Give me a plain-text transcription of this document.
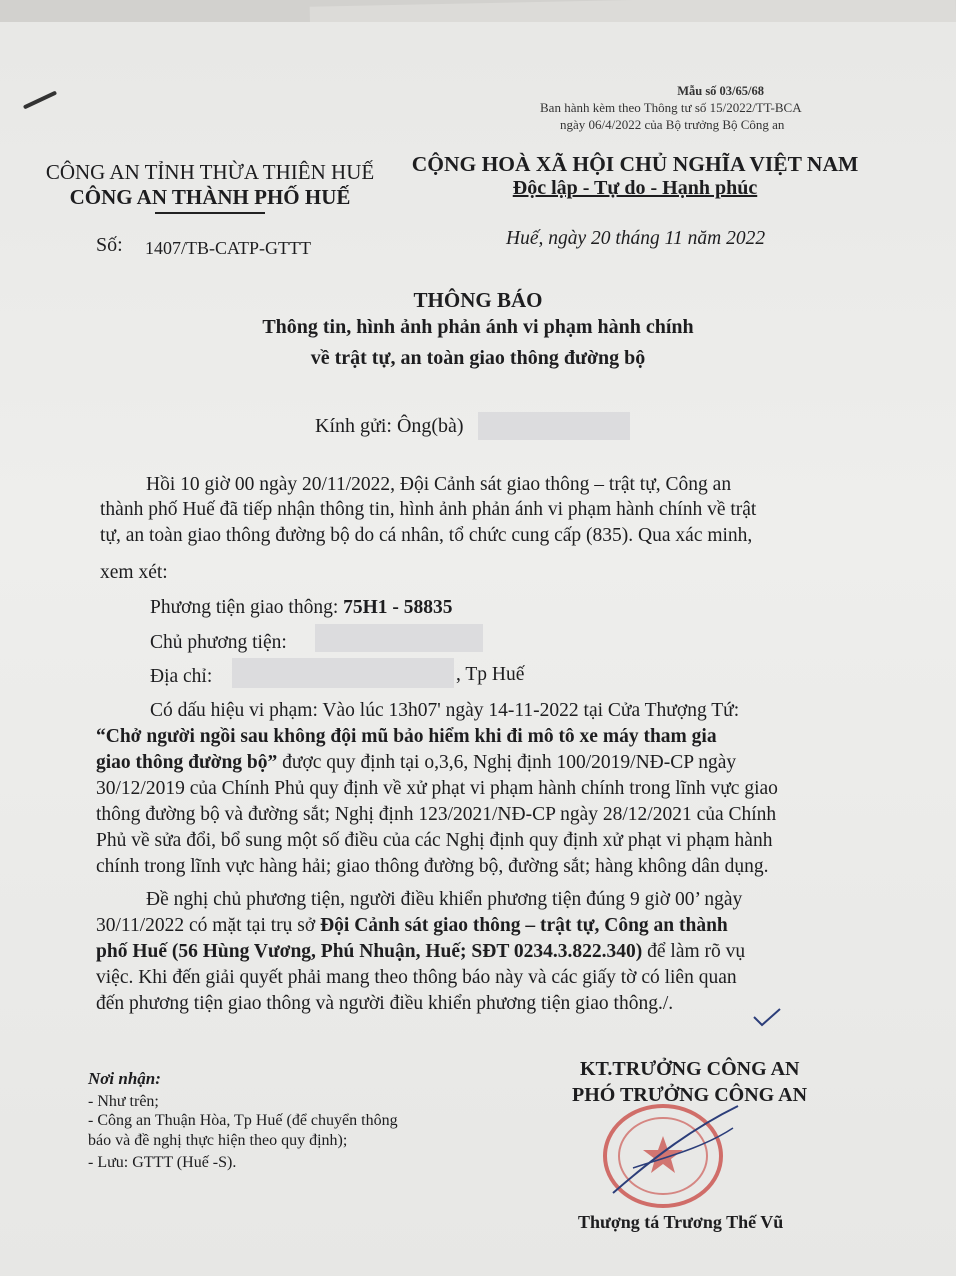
Mẫu số 03/65/68
Ban hành kèm theo Thông tư số 15/2022/TT-BCA
ngày 06/4/2022 của Bộ trưởng Bộ Công an
CÔNG AN TỈNH THỪA THIÊN HUẾ
CÔNG AN THÀNH PHỐ HUẾ
CỘNG HOÀ XÃ HỘI CHỦ NGHĨA VIỆT NAM
Độc lập - Tự do - Hạnh phúc
Số: 1407/TB-CATP-GTTT	Huế, ngày 20 tháng 11 năm 2022
THÔNG BÁO
Thông tin, hình ảnh phản ánh vi phạm hành chính
về trật tự, an toàn giao thông đường bộ
Kính gửi: Ông(bà)
Hồi 10 giờ 00 ngày 20/11/2022, Đội Cảnh sát giao thông – trật tự, Công an
thành phố Huế đã tiếp nhận thông tin, hình ảnh phản ánh vi phạm hành chính về trật
tự, an toàn giao thông đường bộ do cá nhân, tổ chức cung cấp (835). Qua xác minh,
xem xét:
Phương tiện giao thông: 75H1 - 58835
Chủ phương tiện:
Địa chỉ:	, Tp Huế
Có dấu hiệu vi phạm: Vào lúc 13h07' ngày 14-11-2022 tại Cửa Thượng Tứ:
“Chở người ngồi sau không đội mũ bảo hiểm khi đi mô tô xe máy tham gia
giao thông đường bộ” được quy định tại o,3,6, Nghị định 100/2019/NĐ-CP ngày
30/12/2019 của Chính Phủ quy định về xử phạt vi phạm hành chính trong lĩnh vực giao
thông đường bộ và đường sắt; Nghị định 123/2021/NĐ-CP ngày 28/12/2021 của Chính
Phủ về sửa đổi, bổ sung một số điều của các Nghị định quy định xử phạt vi phạm hành
chính trong lĩnh vực hàng hải; giao thông đường bộ, đường sắt; hàng không dân dụng.
Đề nghị chủ phương tiện, người điều khiển phương tiện đúng 9 giờ 00’ ngày
30/11/2022 có mặt tại trụ sở Đội Cảnh sát giao thông – trật tự, Công an thành
phố Huế (56 Hùng Vương, Phú Nhuận, Huế; SĐT 0234.3.822.340) để làm rõ vụ
việc. Khi đến giải quyết phải mang theo thông báo này và các giấy tờ có liên quan
đến phương tiện giao thông và người điều khiển phương tiện giao thông./.
Nơi nhận:
- Như trên;
- Công an Thuận Hòa, Tp Huế (để chuyển thông
báo và đề nghị thực hiện theo quy định);
- Lưu: GTTT (Huế -S).
KT.TRƯỞNG CÔNG AN
PHÓ TRƯỞNG CÔNG AN
Thượng tá Trương Thế Vũ
